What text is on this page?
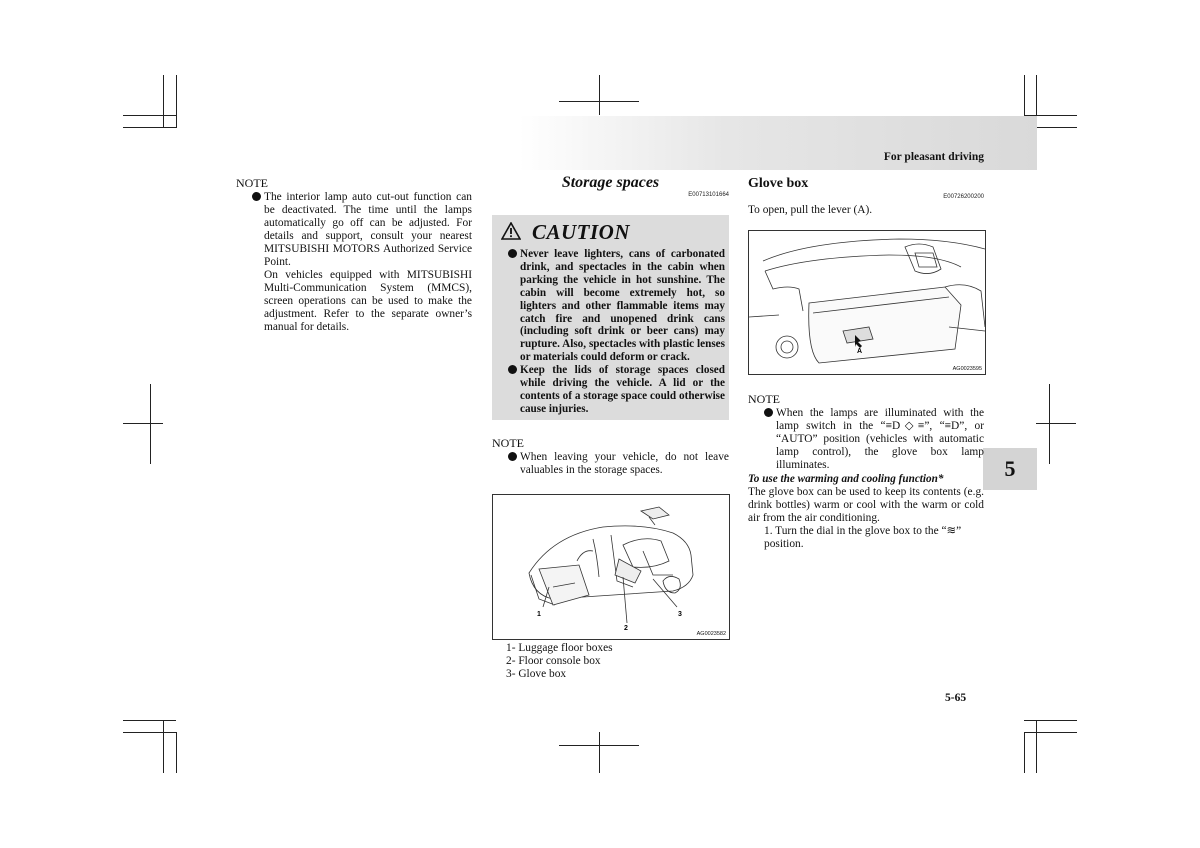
For pleasant driving
5
5-65
NOTE

The interior lamp auto cut-out function can be deactivated. The time until the lamps automatically go off can be adjusted. For details and support, consult your nearest MITSUBISHI MOTORS Authorized Service Point.

On vehicles equipped with MITSUBISHI Multi-Communication System (MMCS), screen operations can be used to make the adjustment. Refer to the separate owner’s manual for details.

Storage spaces
E00713101664
CAUTION

Never leave lighters, cans of carbonated drink, and spectacles in the cabin when parking the vehicle in hot sunshine. The cabin will become extremely hot, so lighters and other flammable items may catch fire and unopened drink cans (including soft drink or beer cans) may rupture. Also, spectacles with plastic lenses or materials could deform or crack.

Keep the lids of storage spaces closed while driving the vehicle. A lid or the contents of a storage space could otherwise cause injuries.

NOTE

When leaving your vehicle, do not leave valuables in the storage spaces.

1
2
3
AG0023582
1- Luggage floor boxes
2- Floor console box
3- Glove box
Glove box
E00726200200
To open, pull the lever (A).
A
AG0023595
NOTE

When the lamps are illuminated with the lamp switch in the “≡D◇≡”, “≡D”, or “AUTO” position (vehicles with automatic lamp control), the glove box lamp illuminates.

To use the warming and cooling function*
The glove box can be used to keep its contents (e.g. drink bottles) warm or cool with the warm or cold air from the air conditioning.
1. Turn the dial in the glove box to the “≋” position.
